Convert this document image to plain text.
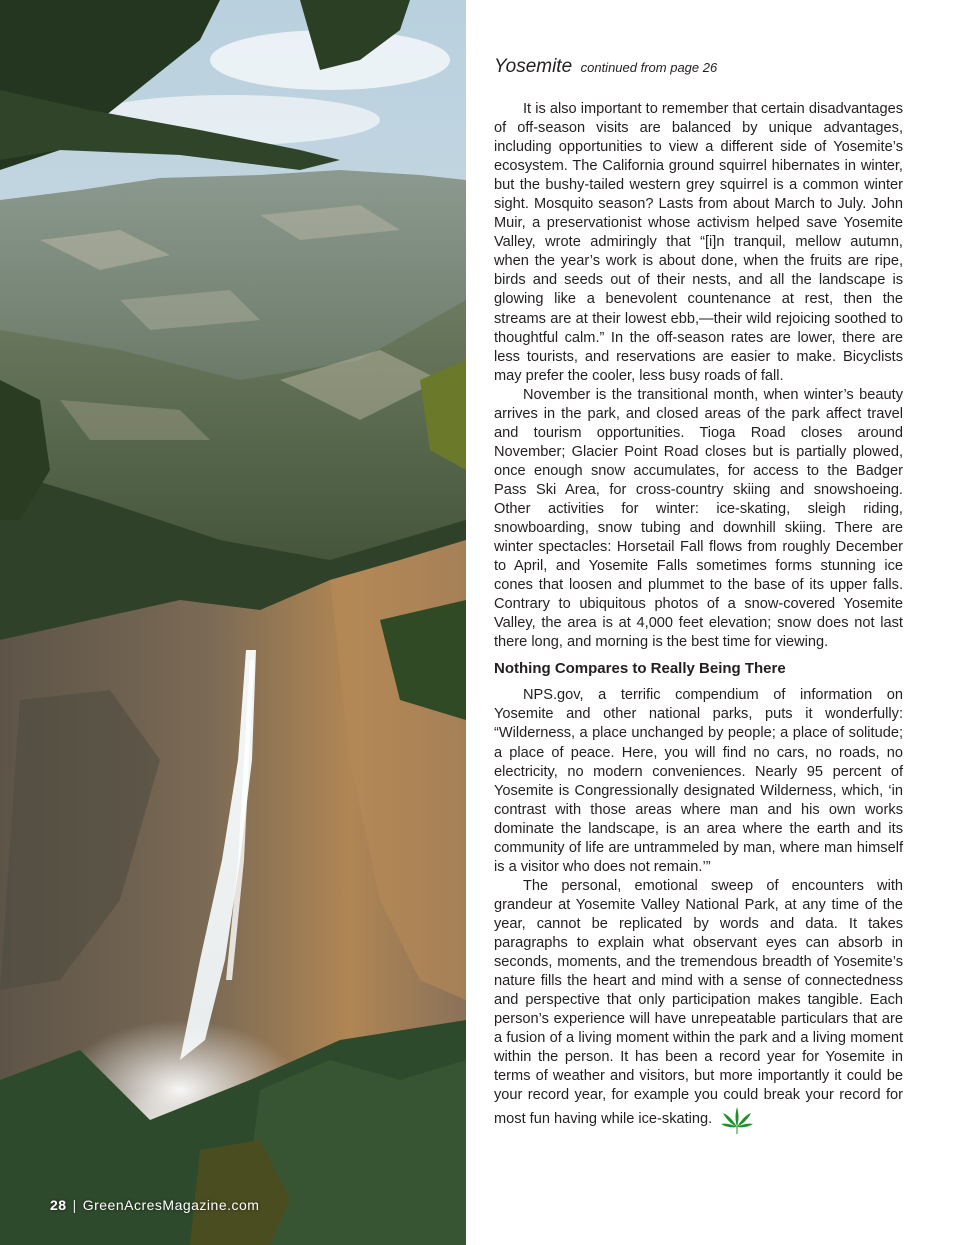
28 | GreenAcresMagazine.com
Yosemite continued from page 26

It is also important to remember that certain disadvantages of off-season visits are balanced by unique advantages, including opportunities to view a different side of Yosemite’s ecosystem. The California ground squirrel hibernates in winter, but the bushy-tailed western grey squirrel is a common winter sight. Mosquito season? Lasts from about March to July. John Muir, a preservationist whose activism helped save Yosemite Valley, wrote admiringly that “[i]n tranquil, mellow autumn, when the year’s work is about done, when the fruits are ripe, birds and seeds out of their nests, and all the landscape is glowing like a benevolent countenance at rest, then the streams are at their lowest ebb,—their wild rejoicing soothed to thoughtful calm.” In the off-season rates are lower, there are less tourists, and reservations are easier to make. Bicyclists may prefer the cooler, less busy roads of fall.

November is the transitional month, when winter’s beauty arrives in the park, and closed areas of the park affect travel and tourism opportunities. Tioga Road closes around November; Glacier Point Road closes but is partially plowed, once enough snow accumulates, for access to the Badger Pass Ski Area, for cross-country skiing and snowshoeing. Other activities for winter: ice-skating, sleigh riding, snowboarding, snow tubing and downhill skiing. There are winter spectacles: Horsetail Fall flows from roughly December to April, and Yosemite Falls sometimes forms stunning ice cones that loosen and plummet to the base of its upper falls. Contrary to ubiquitous photos of a snow-covered Yosemite Valley, the area is at 4,000 feet elevation; snow does not last there long, and morning is the best time for viewing.

Nothing Compares to Really Being There

NPS.gov, a terrific compendium of information on Yosemite and other national parks, puts it wonderfully: “Wilderness, a place unchanged by people; a place of solitude; a place of peace. Here, you will find no cars, no roads, no electricity, no modern conveniences. Nearly 95 percent of Yosemite is Congressionally designated Wilderness, which, ‘in contrast with those areas where man and his own works dominate the landscape, is an area where the earth and its community of life are untrammeled by man, where man himself is a visitor who does not remain.’”

The personal, emotional sweep of encounters with grandeur at Yosemite Valley National Park, at any time of the year, cannot be replicated by words and data. It takes paragraphs to explain what observant eyes can absorb in seconds, moments, and the tremendous breadth of Yosemite’s nature fills the heart and mind with a sense of connectedness and perspective that only participation makes tangible. Each person’s experience will have unrepeatable particulars that are a fusion of a living moment within the park and a living moment within the person. It has been a record year for Yosemite in terms of weather and visitors, but more importantly it could be your record year, for example you could break your record for most fun having while ice-skating.
